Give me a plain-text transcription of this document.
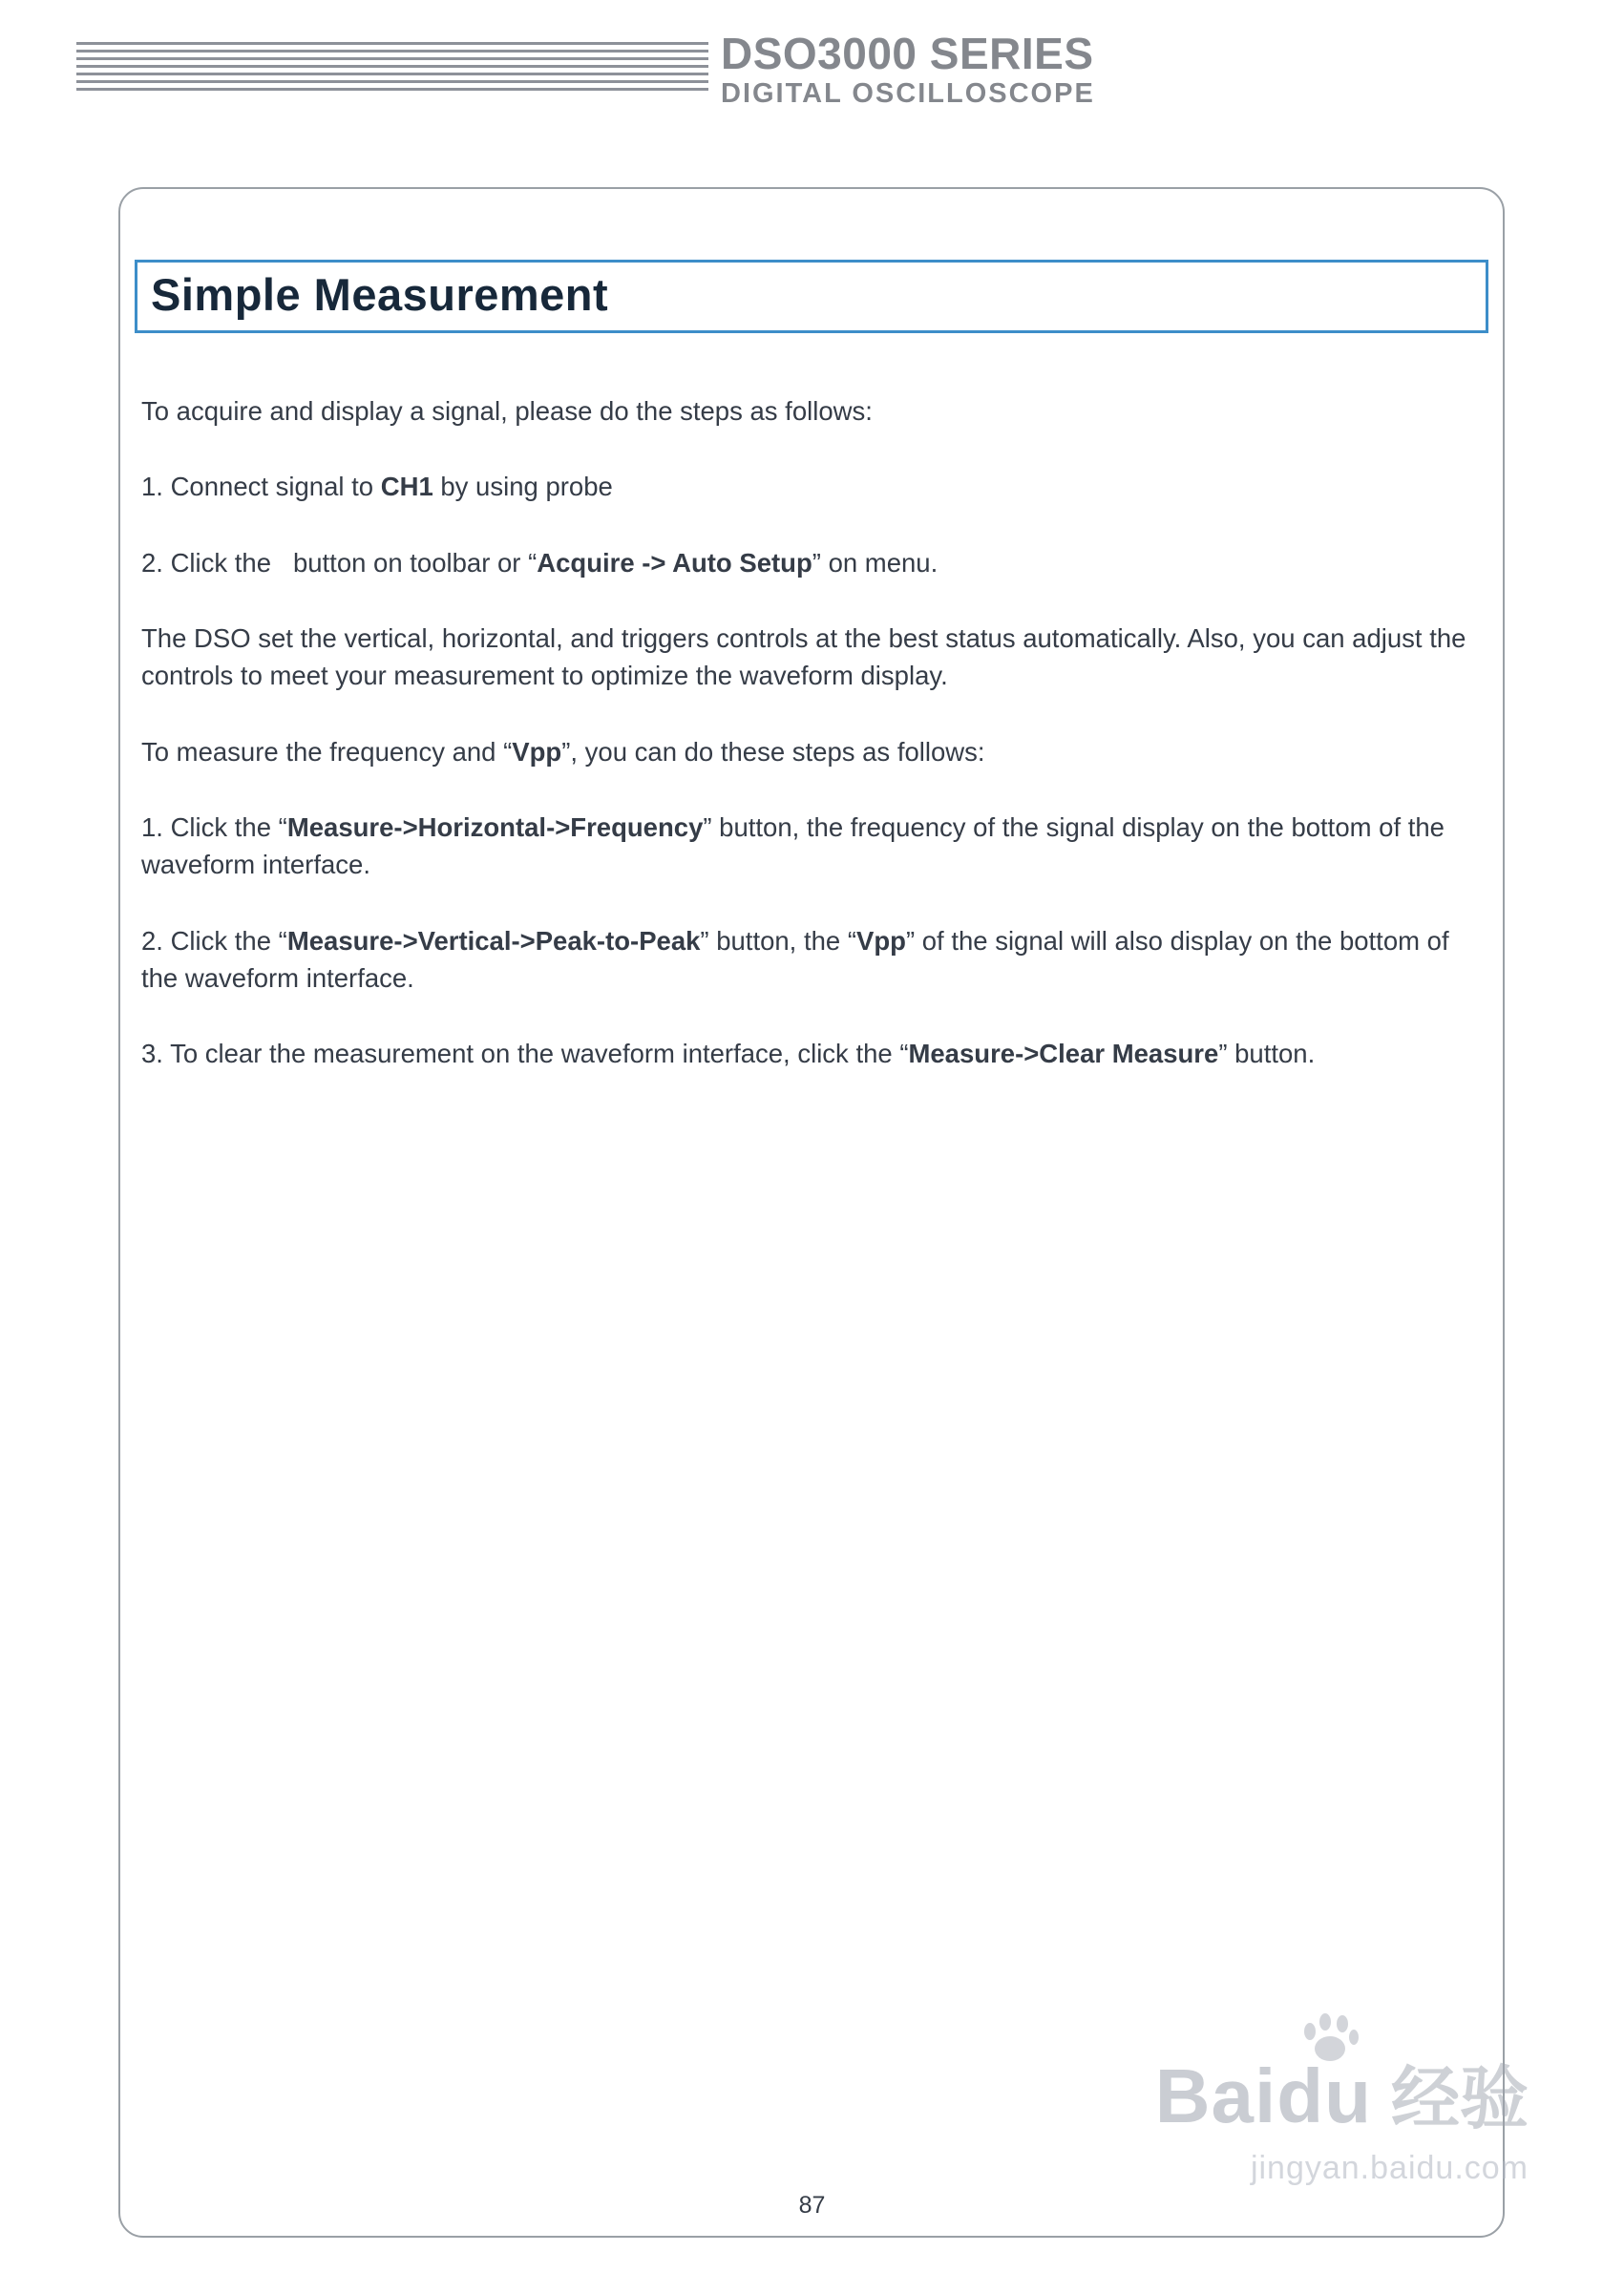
DSO3000 SERIES
DIGITAL OSCILLOSCOPE
Simple Measurement

To acquire and display a signal, please do the steps as follows:

1. Connect signal to CH1 by using probe

2. Click the   button on toolbar or “Acquire -> Auto Setup” on menu.

The DSO set the vertical, horizontal, and triggers controls at the best status automatically. Also, you can adjust the controls to meet your measurement to optimize the waveform display.

To measure the frequency and “Vpp”, you can do these steps as follows:

1. Click the “Measure->Horizontal->Frequency” button, the frequency of the signal display on the bottom of the waveform interface.

2. Click the “Measure->Vertical->Peak-to-Peak” button, the “Vpp” of the signal will also display on the bottom of the waveform interface.

3. To clear the measurement on the waveform interface, click the “Measure->Clear Measure” button.

87
Baidu 经验
jingyan.baidu.com
